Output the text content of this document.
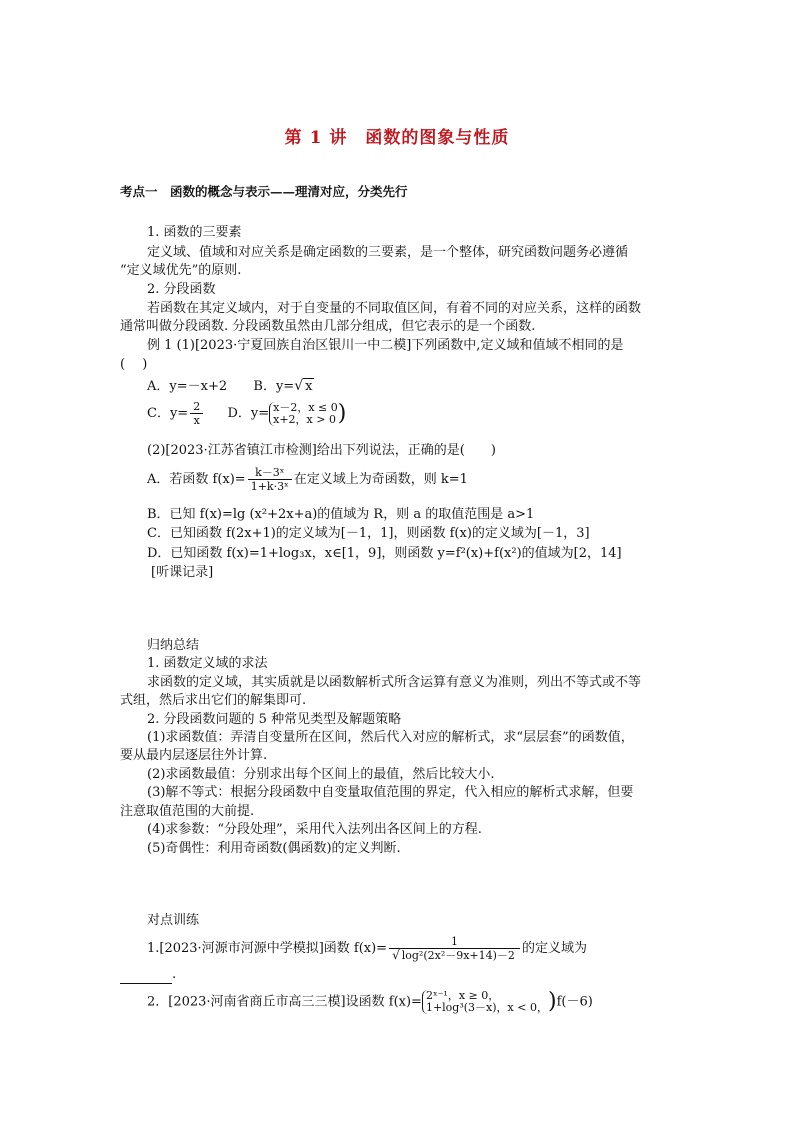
第 1 讲　函数的图象与性质
考点一　函数的概念与表示——理清对应，分类先行
1. 函数的三要素
定义域、值域和对应关系是确定函数的三要素，是一个整体，研究函数问题务必遵循
“定义域优先”的原则.
2. 分段函数
若函数在其定义域内，对于自变量的不同取值区间，有着不同的对应关系，这样的函数
通常叫做分段函数. 分段函数虽然由几部分组成，但它表示的是一个函数.
例 1 (1)[2023·宁夏回族自治区银川一中二模]下列函数中,定义域和值域不相同的是
(　 )
A．y=－x+2 B．y=√ x
C．$y= \frac{2}{x}$ D．y= x－2，x ≤ 0
x+2，x > 0 )
(2)[2023·江苏省镇江市检测]给出下列说法，正确的是(　　)
A．若函数 $f(x)= \frac{\text{k－3ˣ}}{\text{1+k·3ˣ}}$ 在定义域上为奇函数，则 k=1
B．已知 f(x)=lg (x²+2x+a)的值域为 R，则 a 的取值范围是 a>1
C．已知函数 f(2x+1)的定义域为[－1，1]，则函数 f(x)的定义域为[－1，3]
D．已知函数 f(x)=1+log₃x，x∈[1，9]，则函数 y=f²(x)+f(x²)的值域为[2，14]
[听课记录]
归纳总结
1. 函数定义域的求法
求函数的定义域，其实质就是以函数解析式所含运算有意义为准则，列出不等式或不等
式组，然后求出它们的解集即可.
2. 分段函数问题的 5 种常见类型及解题策略
(1)求函数值：弄清自变量所在区间，然后代入对应的解析式，求“层层套”的函数值，
要从最内层逐层往外计算.
(2)求函数最值：分别求出每个区间上的最值，然后比较大小.
(3)解不等式：根据分段函数中自变量取值范围的界定，代入相应的解析式求解，但要
注意取值范围的大前提.
(4)求参数：“分段处理”，采用代入法列出各区间上的方程.
(5)奇偶性：利用奇函数(偶函数)的定义判断.
对点训练
1.[2023·河源市河源中学模拟]函数 $f(x)= \frac{1}{\text{√ log²(2x²－9x+14)－2}}$ 的定义域为
.
2．[2023·河南省商丘市高三三模]设函数 f(x)= 2ˣ⁻¹，x ≥ 0，
1+log³(3－x)，x < 0， )f(－6)
